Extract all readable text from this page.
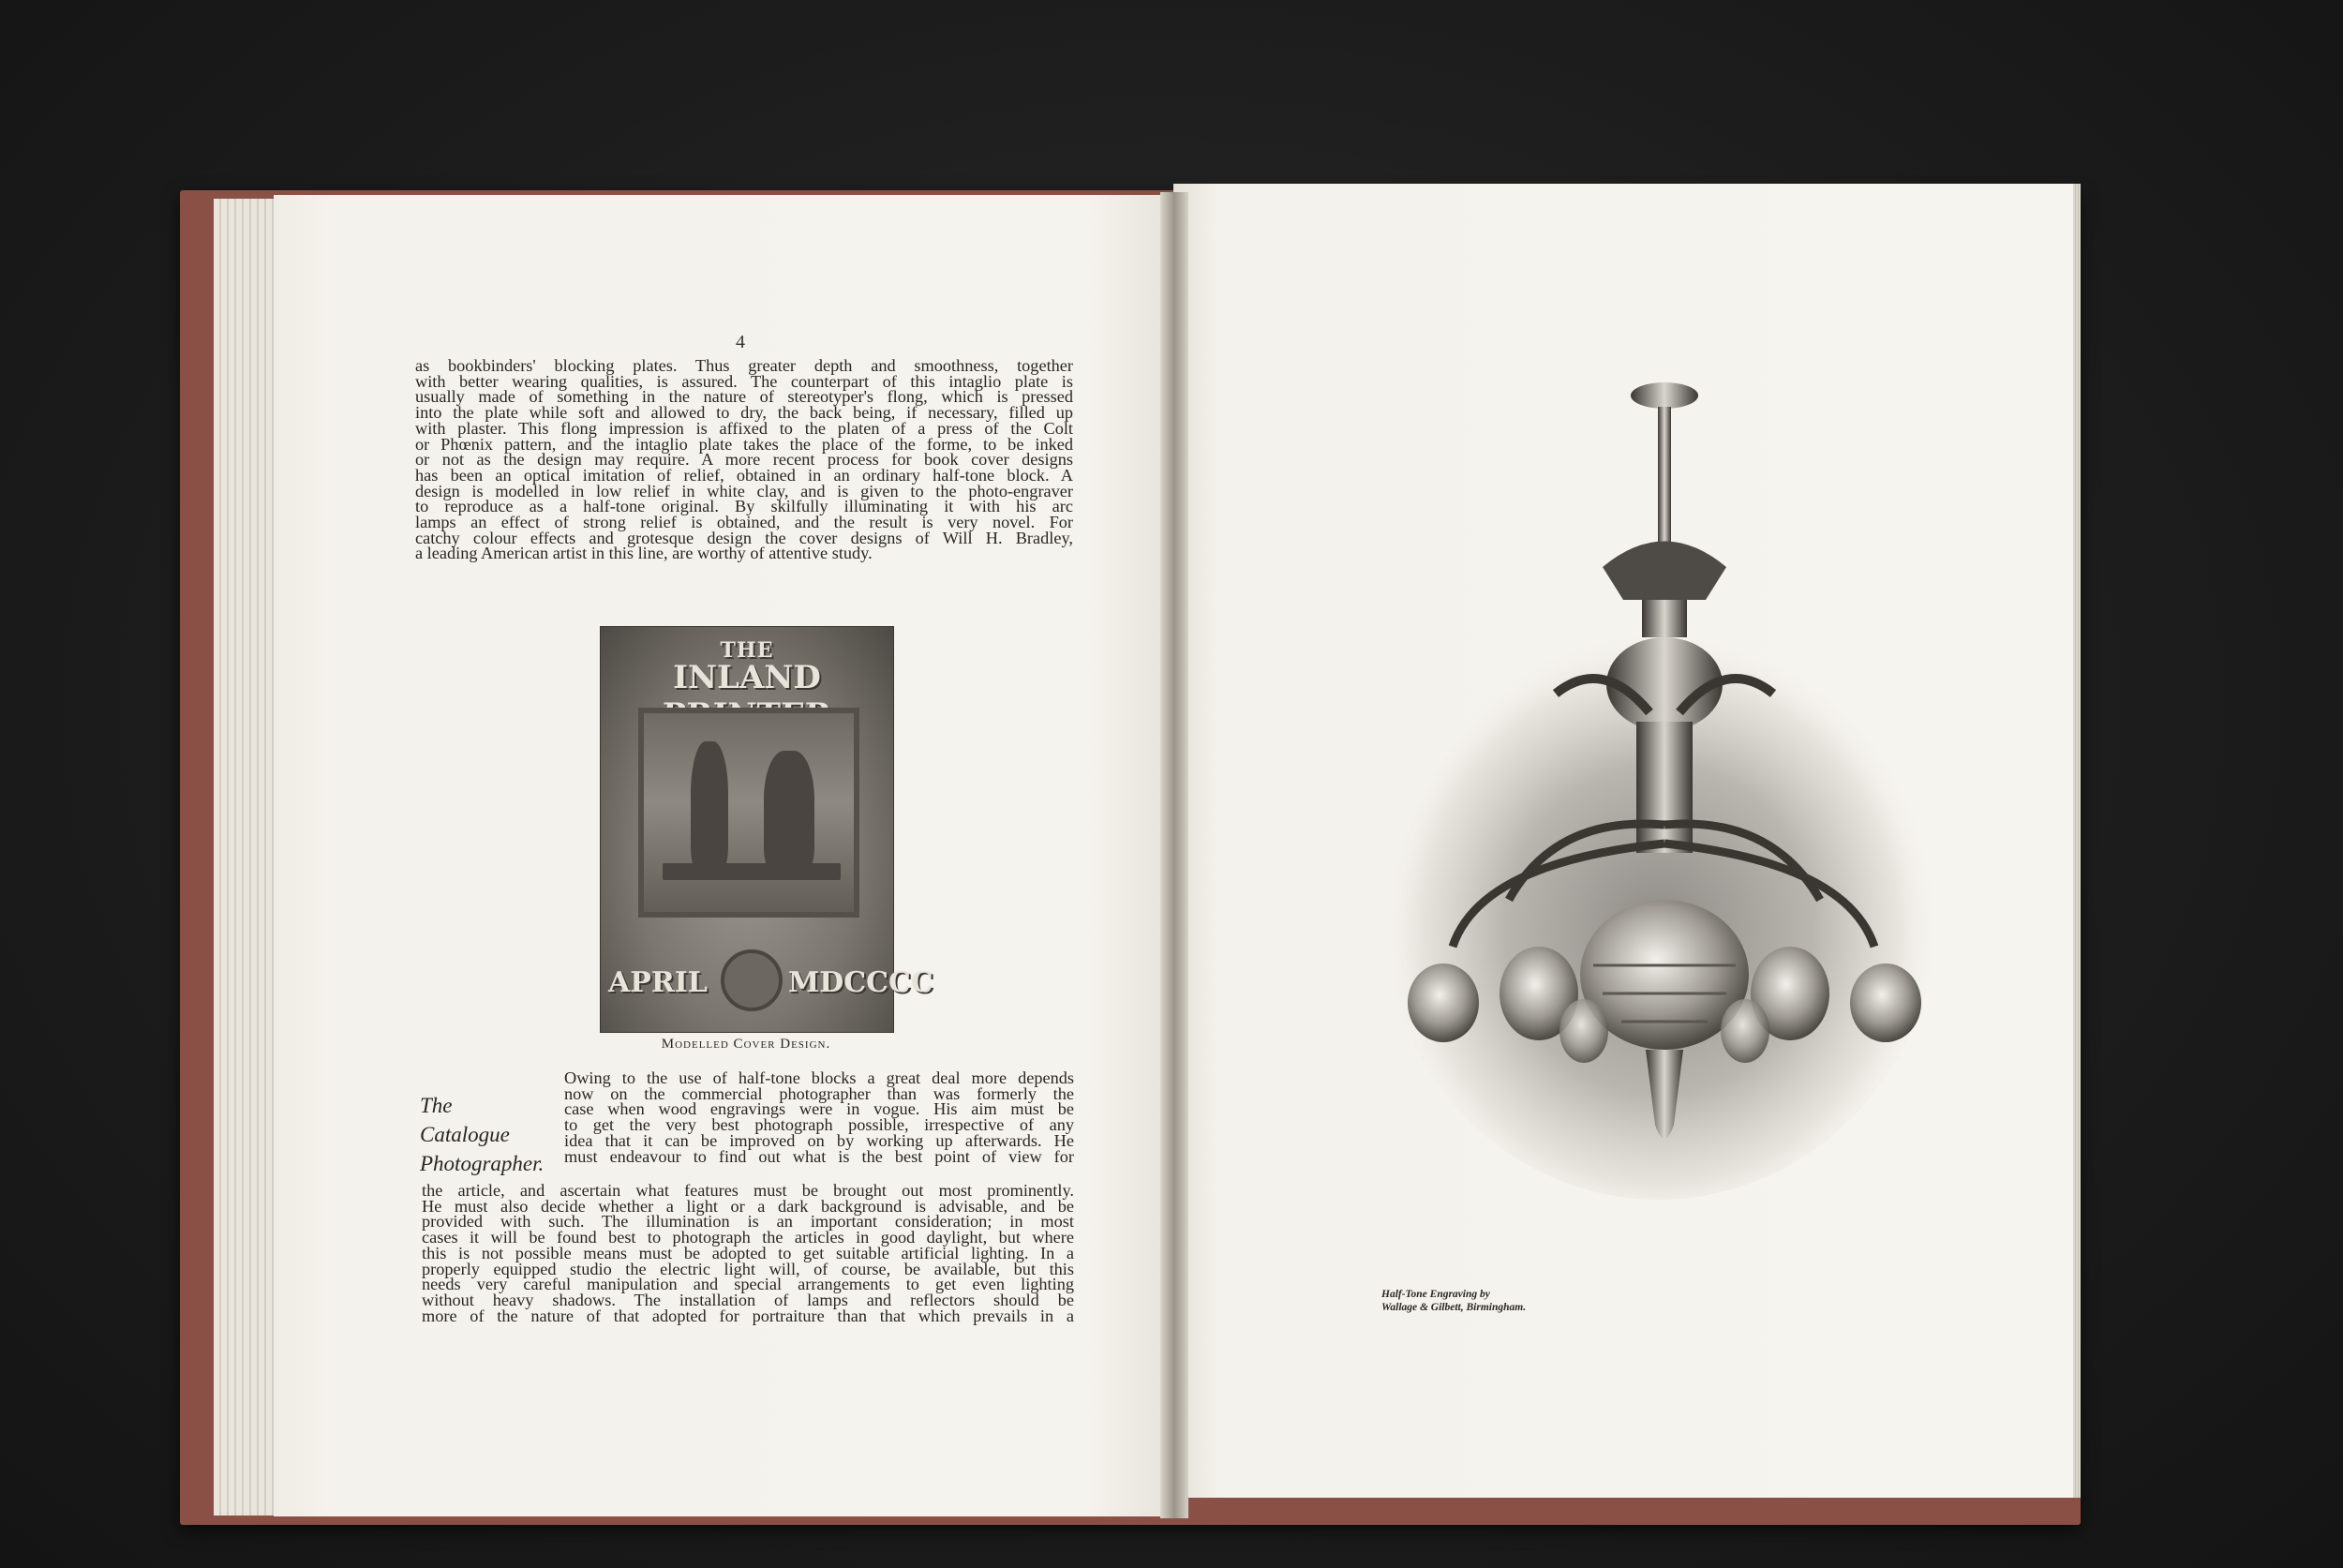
4
as bookbinders' blocking plates. Thus greater depth and smoothness, together
with better wearing qualities, is assured. The counterpart of this intaglio plate is
usually made of something in the nature of stereotyper's flong, which is pressed
into the plate while soft and allowed to dry, the back being, if necessary, filled up
with plaster. This flong impression is affixed to the platen of a press of the Colt
or Phœnix pattern, and the intaglio plate takes the place of the forme, to be inked
or not as the design may require. A more recent process for book cover designs
has been an optical imitation of relief, obtained in an ordinary half-tone block. A
design is modelled in low relief in white clay, and is given to the photo-engraver
to reproduce as a half-tone original. By skilfully illuminating it with his arc
lamps an effect of strong relief is obtained, and the result is very novel. For
catchy colour effects and grotesque design the cover designs of Will H. Bradley,
a leading American artist in this line, are worthy of attentive study.
THE
INLAND
APRIL	MDCCCC
Modelled Cover Design.
The
Catalogue
Photographer.
Owing to the use of half-tone blocks a great deal more depends
now on the commercial photographer than was formerly the
case when wood engravings were in vogue. His aim must be
to get the very best photograph possible, irrespective of any
idea that it can be improved on by working up afterwards. He
must endeavour to find out what is the best point of view for
the article, and ascertain what features must be brought out most prominently.
He must also decide whether a light or a dark background is advisable, and be
provided with such. The illumination is an important consideration; in most
cases it will be found best to photograph the articles in good daylight, but where
this is not possible means must be adopted to get suitable artificial lighting. In a
properly equipped studio the electric light will, of course, be available, but this
needs very careful manipulation and special arrangements to get even lighting
without heavy shadows. The installation of lamps and reflectors should be
more of the nature of that adopted for portraiture than that which prevails in a
Half-Tone Engraving by
Wallage & Gilbett, Birmingham.
